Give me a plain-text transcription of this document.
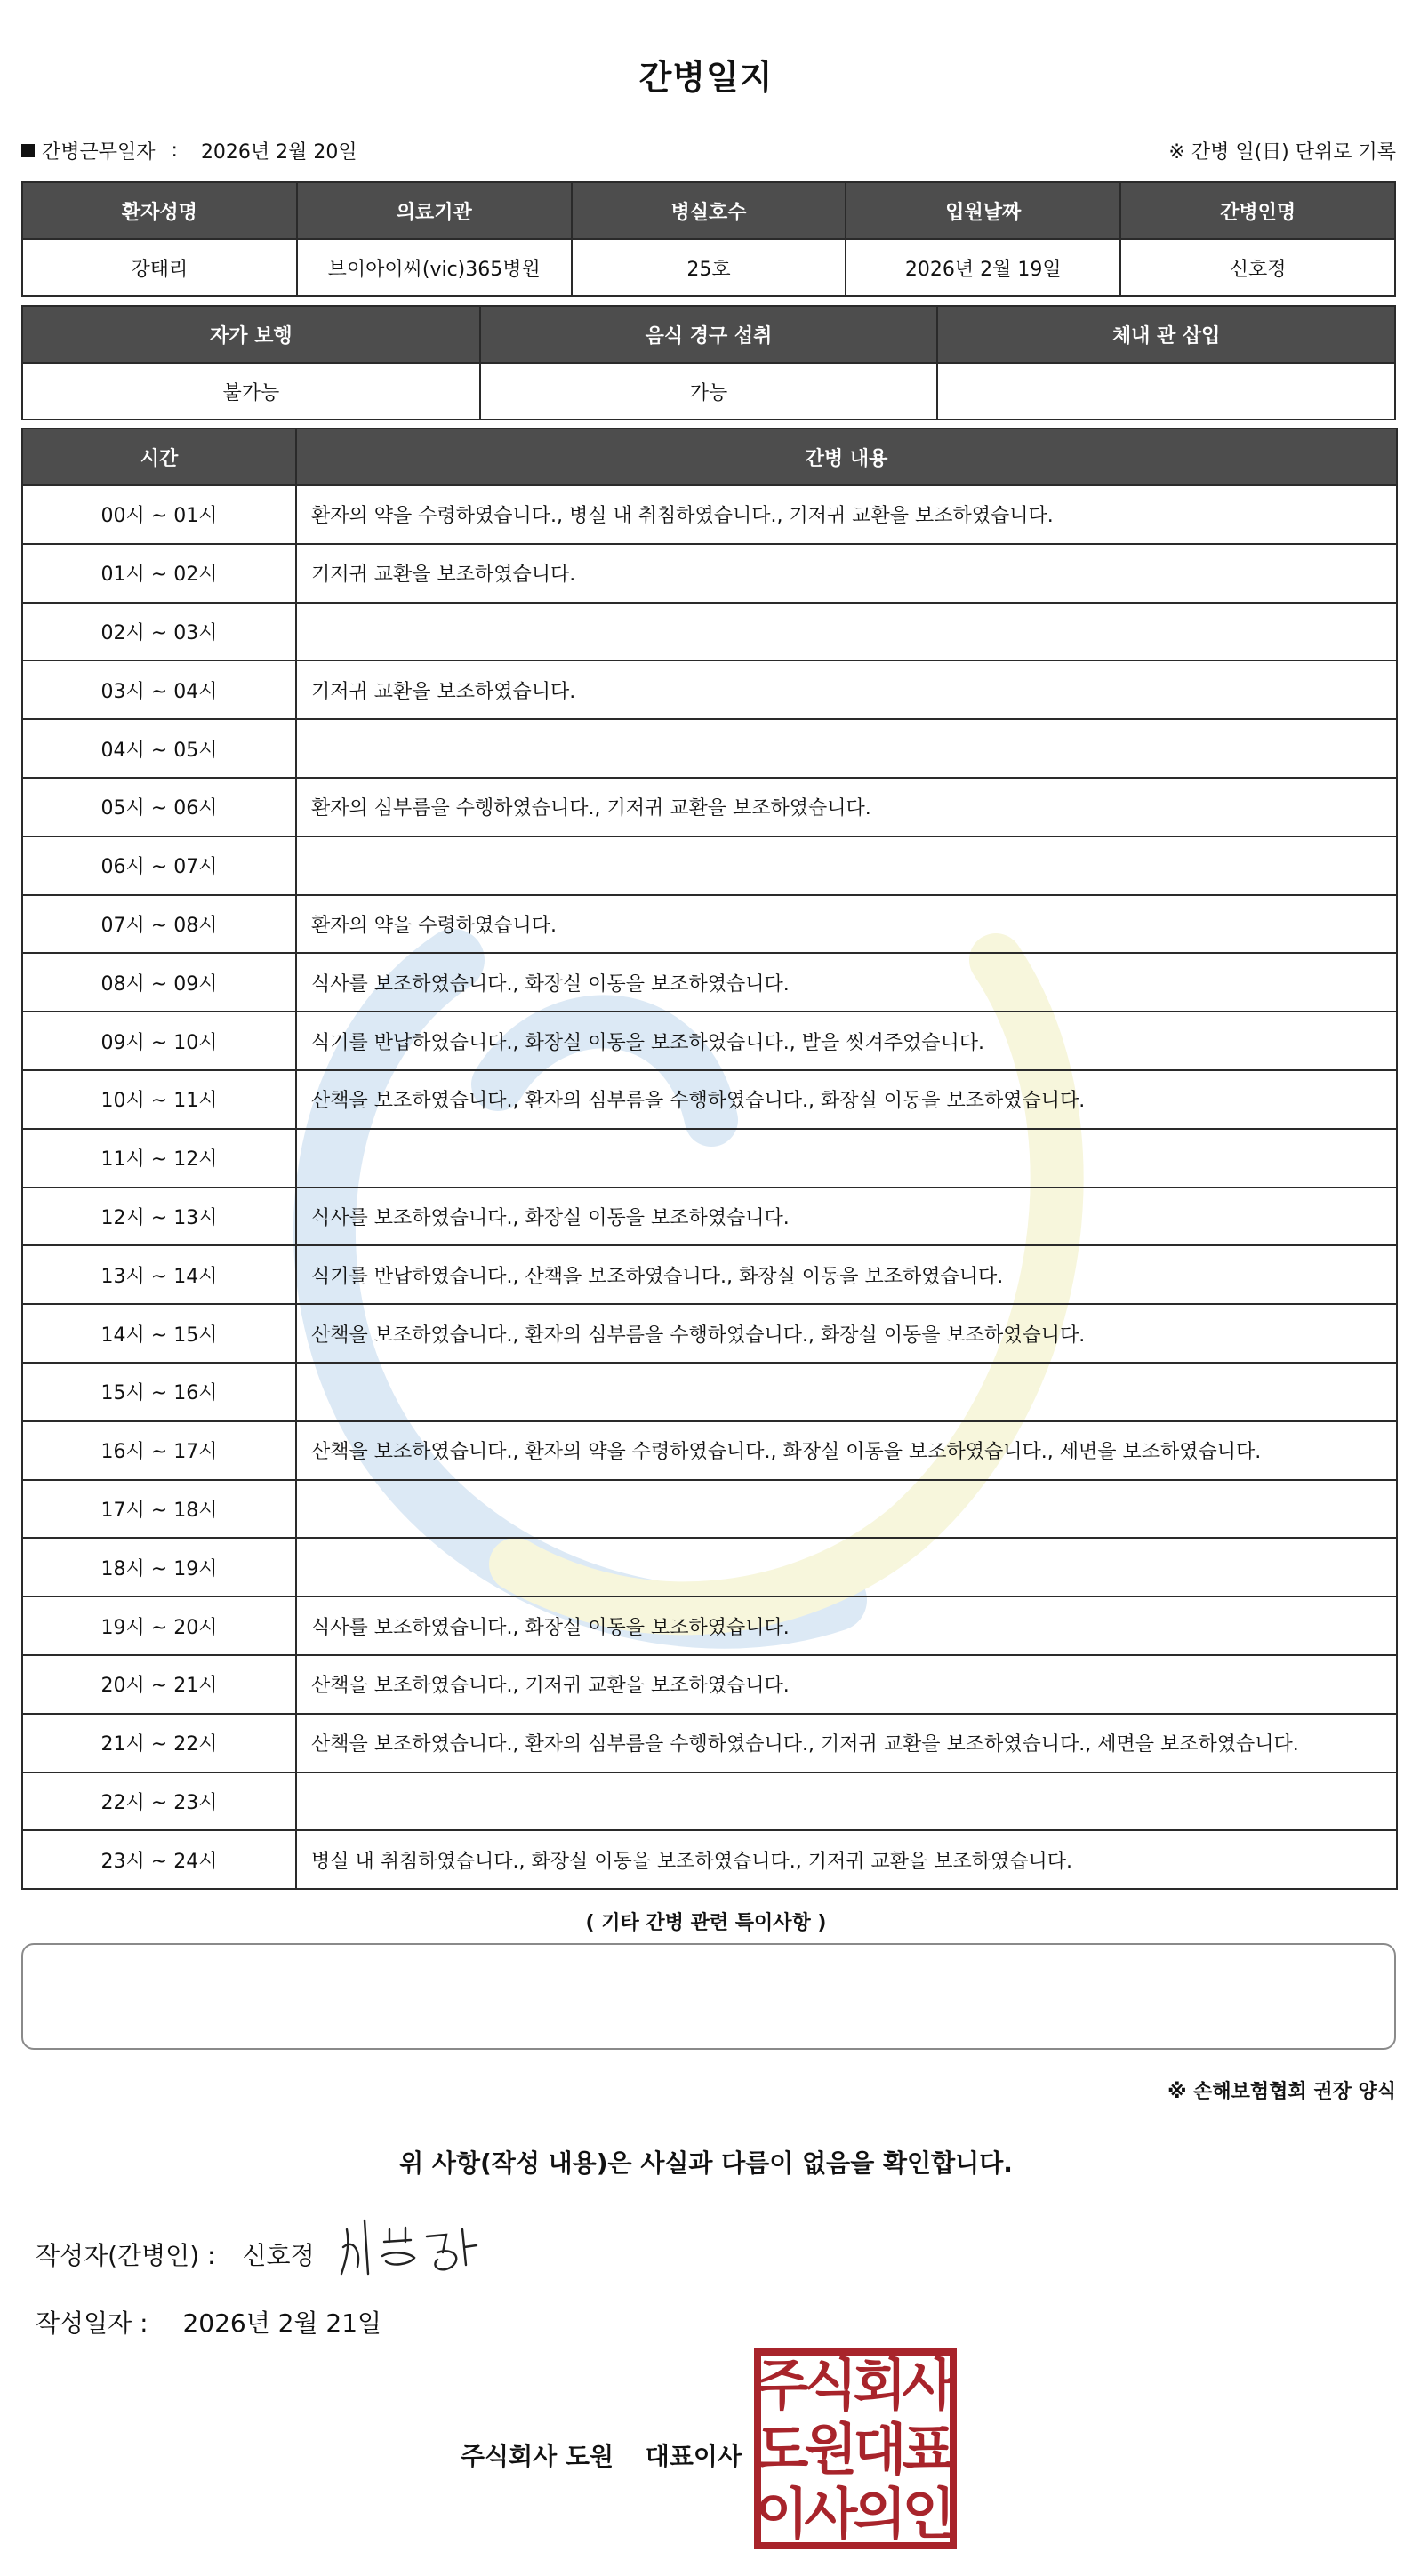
간병일지
간병근무일자 : 2026년 2월 20일	※ 간병 일(日) 단위로 기록
환자성명	의료기관	병실호수	입원날짜	간병인명
강태리	브이아이씨(vic)365병원	25호	2026년 2월 19일	신호정
자가 보행	음식 경구 섭취	체내 관 삽입
불가능	가능	
시간	간병 내용
00시 ~ 01시	환자의 약을 수령하였습니다., 병실 내 취침하였습니다., 기저귀 교환을 보조하였습니다.
01시 ~ 02시	기저귀 교환을 보조하였습니다.
02시 ~ 03시	
03시 ~ 04시	기저귀 교환을 보조하였습니다.
04시 ~ 05시	
05시 ~ 06시	환자의 심부름을 수행하였습니다., 기저귀 교환을 보조하였습니다.
06시 ~ 07시	
07시 ~ 08시	환자의 약을 수령하였습니다.
08시 ~ 09시	식사를 보조하였습니다., 화장실 이동을 보조하였습니다.
09시 ~ 10시	식기를 반납하였습니다., 화장실 이동을 보조하였습니다., 발을 씻겨주었습니다.
10시 ~ 11시	산책을 보조하였습니다., 환자의 심부름을 수행하였습니다., 화장실 이동을 보조하였습니다.
11시 ~ 12시	
12시 ~ 13시	식사를 보조하였습니다., 화장실 이동을 보조하였습니다.
13시 ~ 14시	식기를 반납하였습니다., 산책을 보조하였습니다., 화장실 이동을 보조하였습니다.
14시 ~ 15시	산책을 보조하였습니다., 환자의 심부름을 수행하였습니다., 화장실 이동을 보조하였습니다.
15시 ~ 16시	
16시 ~ 17시	산책을 보조하였습니다., 환자의 약을 수령하였습니다., 화장실 이동을 보조하였습니다., 세면을 보조하였습니다.
17시 ~ 18시	
18시 ~ 19시	
19시 ~ 20시	식사를 보조하였습니다., 화장실 이동을 보조하였습니다.
20시 ~ 21시	산책을 보조하였습니다., 기저귀 교환을 보조하였습니다.
21시 ~ 22시	산책을 보조하였습니다., 환자의 심부름을 수행하였습니다., 기저귀 교환을 보조하였습니다., 세면을 보조하였습니다.
22시 ~ 23시	
23시 ~ 24시	병실 내 취침하였습니다., 화장실 이동을 보조하였습니다., 기저귀 교환을 보조하였습니다.
( 기타 간병 관련 특이사항 )
※ 손해보험협회 권장 양식
위 사항(작성 내용)은 사실과 다름이 없음을 확인합니다.
작성자(간병인) : 신호정
작성일자 : 2026년 2월 21일
주식회사 도원 대표이사
주
식
회
사
도
원
대
표
이
사
의
인
